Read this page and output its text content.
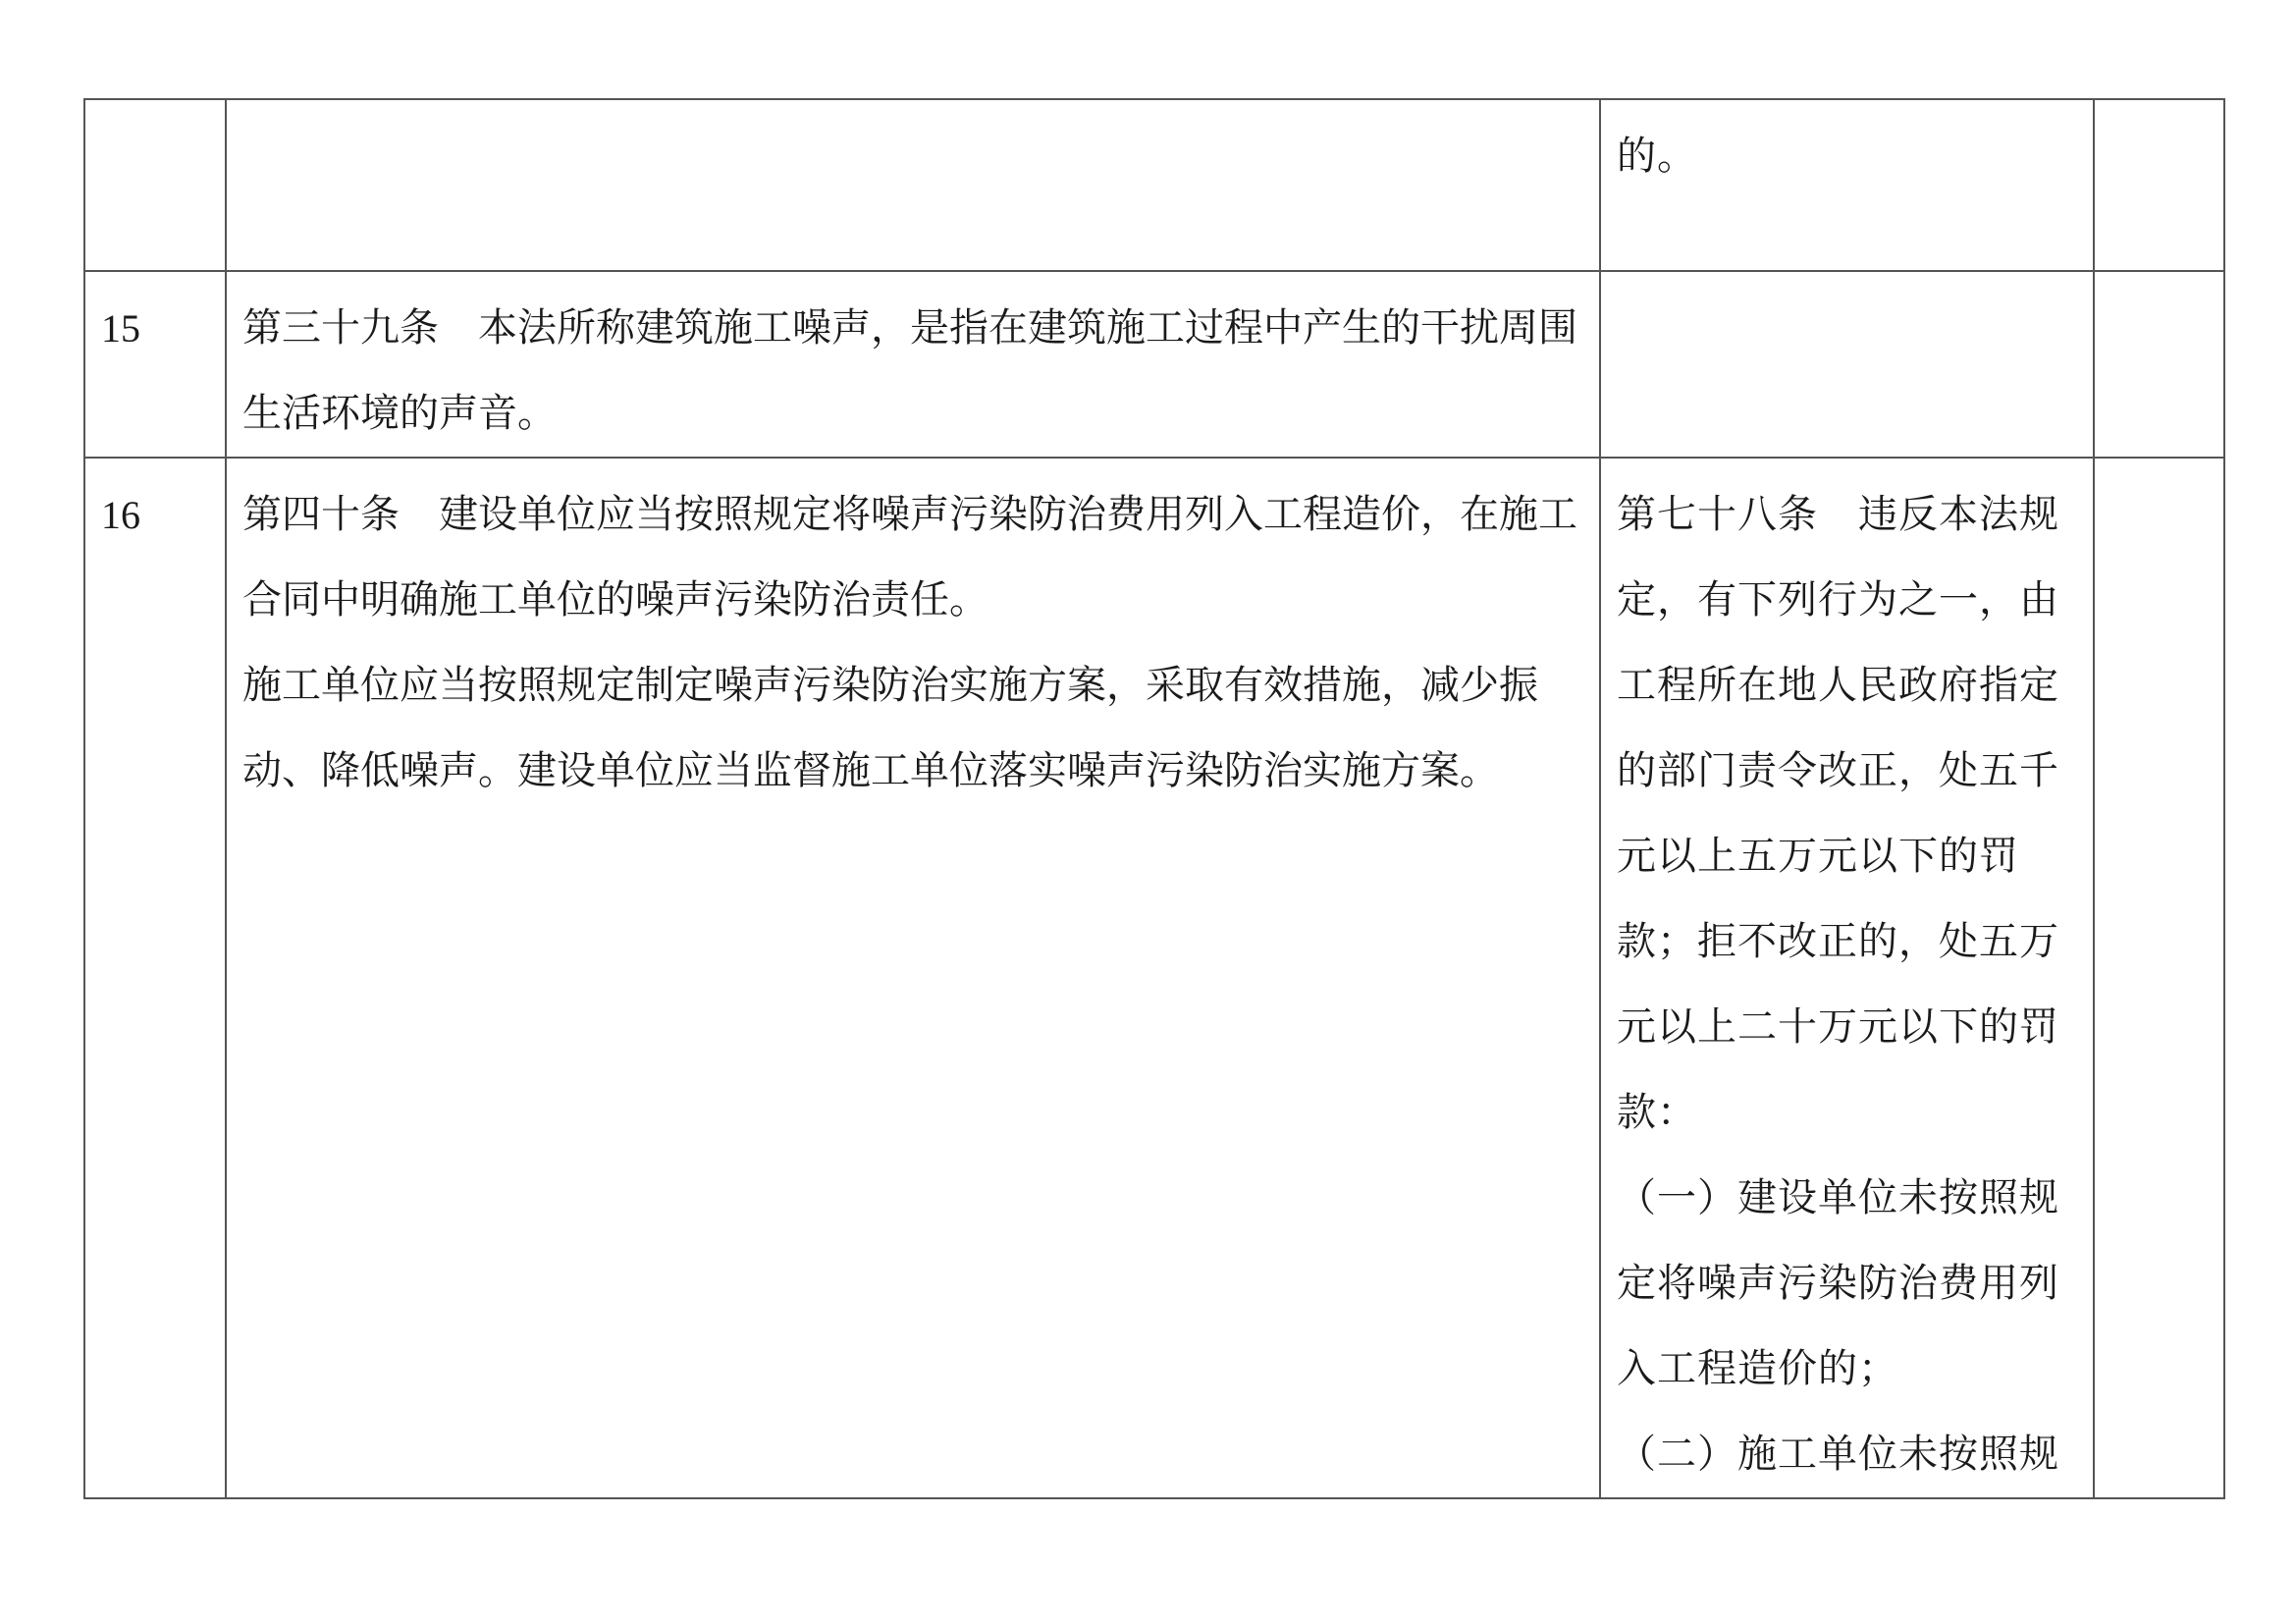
		的。	

15	第三十九条　本法所称建筑施工噪声，是指在建筑施工过程中产生的干扰周围生活环境的声音。		

16	第四十条　建设单位应当按照规定将噪声污染防治费用列入工程造价，在施工合同中明确施工单位的噪声污染防治责任。
施工单位应当按照规定制定噪声污染防治实施方案，采取有效措施，减少振动、降低噪声。建设单位应当监督施工单位落实噪声污染防治实施方案。	第七十八条　违反本法规定，有下列行为之一，由工程所在地人民政府指定的部门责令改正，处五千元以上五万元以下的罚款；拒不改正的，处五万元以上二十万元以下的罚款：
（一）建设单位未按照规定将噪声污染防治费用列入工程造价的；
（二）施工单位未按照规	
